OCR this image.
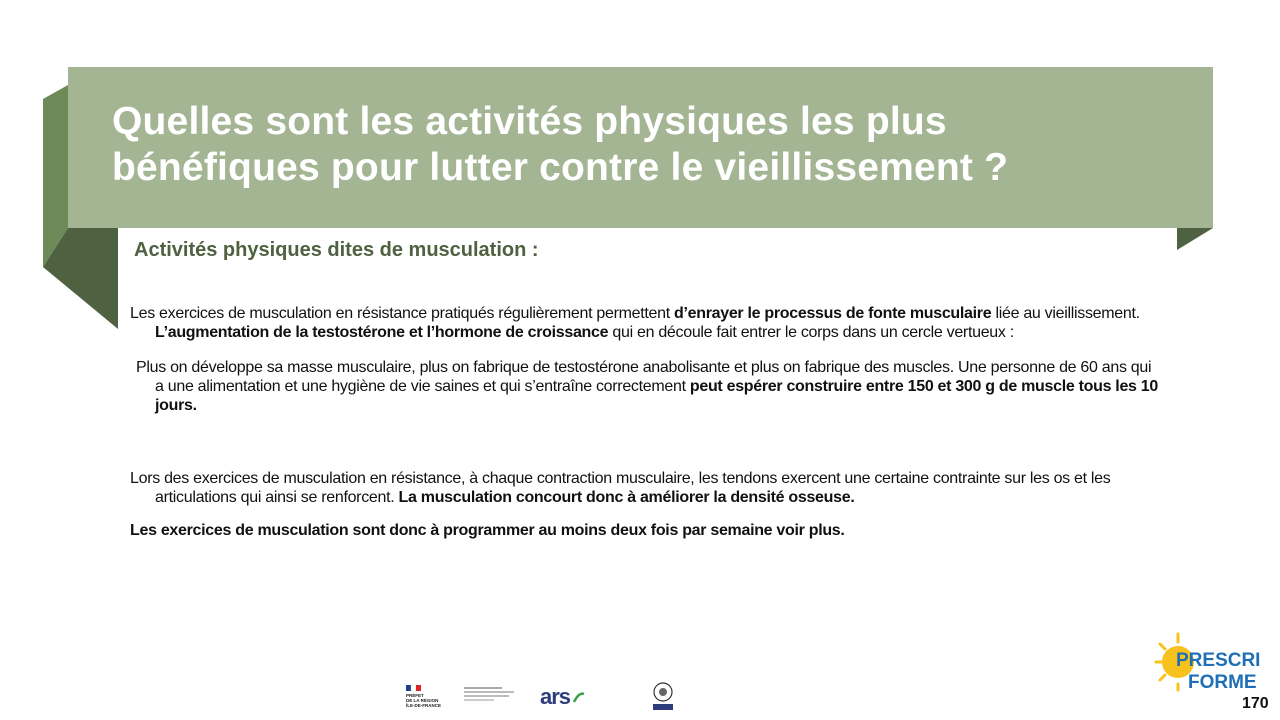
Quelles sont les activités physiques les plus
bénéfiques pour lutter contre le vieillissement ?
Activités physiques dites de musculation :

Les exercices de musculation en résistance pratiqués régulièrement permettent d’enrayer le processus de fonte musculaire liée au vieillissement. L’augmentation de la testostérone et l’hormone de croissance qui en découle fait entrer le corps dans un cercle vertueux :

Plus on développe sa masse musculaire, plus on fabrique de testostérone anabolisante et plus on fabrique des muscles. Une personne de 60 ans qui a une alimentation et une hygiène de vie saines et qui s’entraîne correctement peut espérer construire entre 150 et 300 g de muscle tous les 10 jours.

Lors des exercices de musculation en résistance, à chaque contraction musculaire, les tendons exercent une certaine contrainte sur les os et les articulations qui ainsi se renforcent. La musculation concourt donc à améliorer la densité osseuse.

Les exercices de musculation sont donc à programmer au moins deux fois par semaine voir plus.

PRÉFET
DE LA RÉGION
ÎLE-DE-FRANCE	ars
PRESCRI’
FORME
170
